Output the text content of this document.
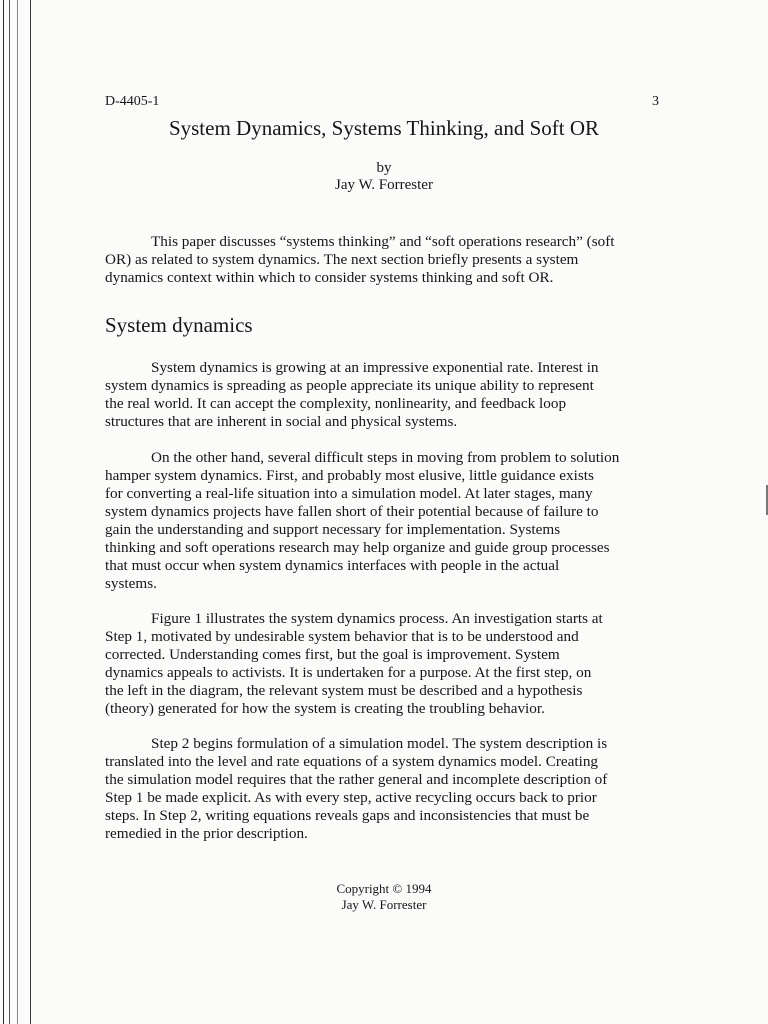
D-4405-1	3
System Dynamics, Systems Thinking, and Soft OR
by
Jay W. Forrester

This paper discusses “systems thinking” and “soft operations research” (soft
OR) as related to system dynamics. The next section briefly presents a system
dynamics context within which to consider systems thinking and soft OR.

System dynamics

System dynamics is growing at an impressive exponential rate. Interest in
system dynamics is spreading as people appreciate its unique ability to represent
the real world. It can accept the complexity, nonlinearity, and feedback loop
structures that are inherent in social and physical systems.

On the other hand, several difficult steps in moving from problem to solution
hamper system dynamics. First, and probably most elusive, little guidance exists
for converting a real-life situation into a simulation model. At later stages, many
system dynamics projects have fallen short of their potential because of failure to
gain the understanding and support necessary for implementation. Systems
thinking and soft operations research may help organize and guide group processes
that must occur when system dynamics interfaces with people in the actual
systems.

Figure 1 illustrates the system dynamics process. An investigation starts at
Step 1, motivated by undesirable system behavior that is to be understood and
corrected. Understanding comes first, but the goal is improvement. System
dynamics appeals to activists. It is undertaken for a purpose. At the first step, on
the left in the diagram, the relevant system must be described and a hypothesis
(theory) generated for how the system is creating the troubling behavior.

Step 2 begins formulation of a simulation model. The system description is
translated into the level and rate equations of a system dynamics model. Creating
the simulation model requires that the rather general and incomplete description of
Step 1 be made explicit. As with every step, active recycling occurs back to prior
steps. In Step 2, writing equations reveals gaps and inconsistencies that must be
remedied in the prior description.

Copyright © 1994
Jay W. Forrester
